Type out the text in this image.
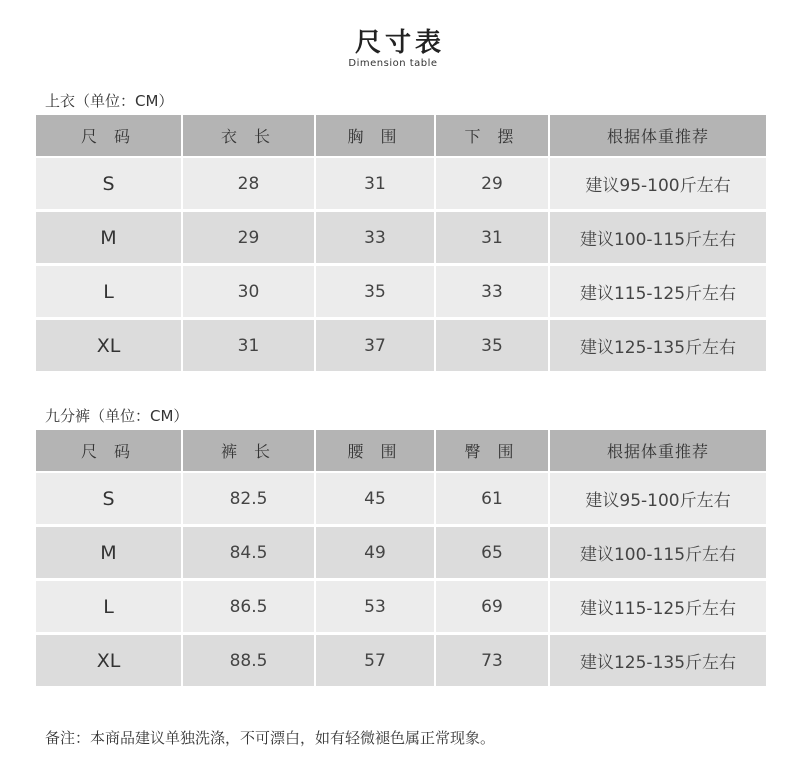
尺寸表
Dimension table
上衣（单位：CM）
尺 码	衣 长	胸 围	下 摆	根据体重推荐
S	28	31	29	建议95-100斤左右
M	29	33	31	建议100-115斤左右
L	30	35	33	建议115-125斤左右
XL	31	37	35	建议125-135斤左右
九分裤（单位：CM）
尺 码	裤 长	腰 围	臀 围	根据体重推荐
S	82.5	45	61	建议95-100斤左右
M	84.5	49	65	建议100-115斤左右
L	86.5	53	69	建议115-125斤左右
XL	88.5	57	73	建议125-135斤左右
备注：本商品建议单独洗涤，不可漂白，如有轻微褪色属正常现象。
